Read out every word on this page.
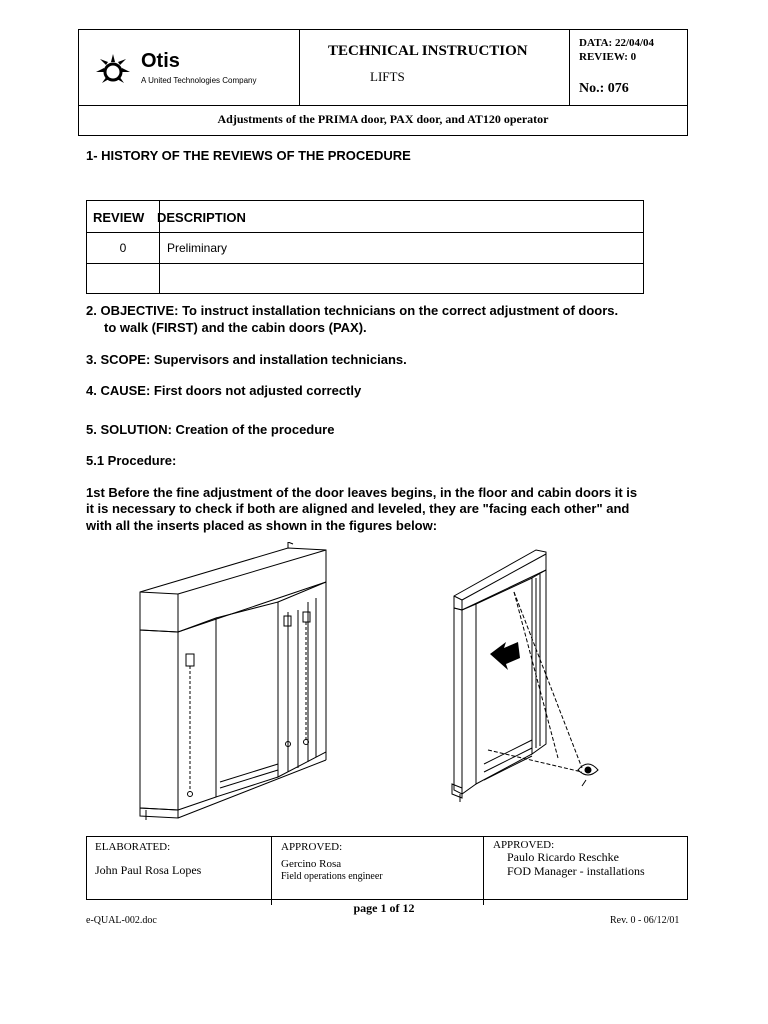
Otis
A United Technologies Company
TECHNICAL INSTRUCTION
LIFTS
DATA: 22/04/04
REVIEW: 0
No.: 076
Adjustments of the PRIMA door, PAX door, and AT120 operator
1- HISTORY OF THE REVIEWS OF THE PROCEDURE
REVIEW DESCRIPTION
0	Preliminary
2. OBJECTIVE: To instruct installation technicians on the correct adjustment of doors.
to walk (FIRST) and the cabin doors (PAX).
3. SCOPE: Supervisors and installation technicians.
4. CAUSE: First doors not adjusted correctly
5. SOLUTION: Creation of the procedure
5.1 Procedure:
1st Before the fine adjustment of the door leaves begins, in the floor and cabin doors it is
it is necessary to check if both are aligned and leveled, they are "facing each other" and
with all the inserts placed as shown in the figures below:
ELABORATED:
John Paul Rosa Lopes
APPROVED:
Gercino Rosa
Field operations engineer
APPROVED:
Paulo Ricardo Reschke
FOD Manager - installations
page 1 of 12
e-QUAL-002.doc	Rev. 0 - 06/12/01
